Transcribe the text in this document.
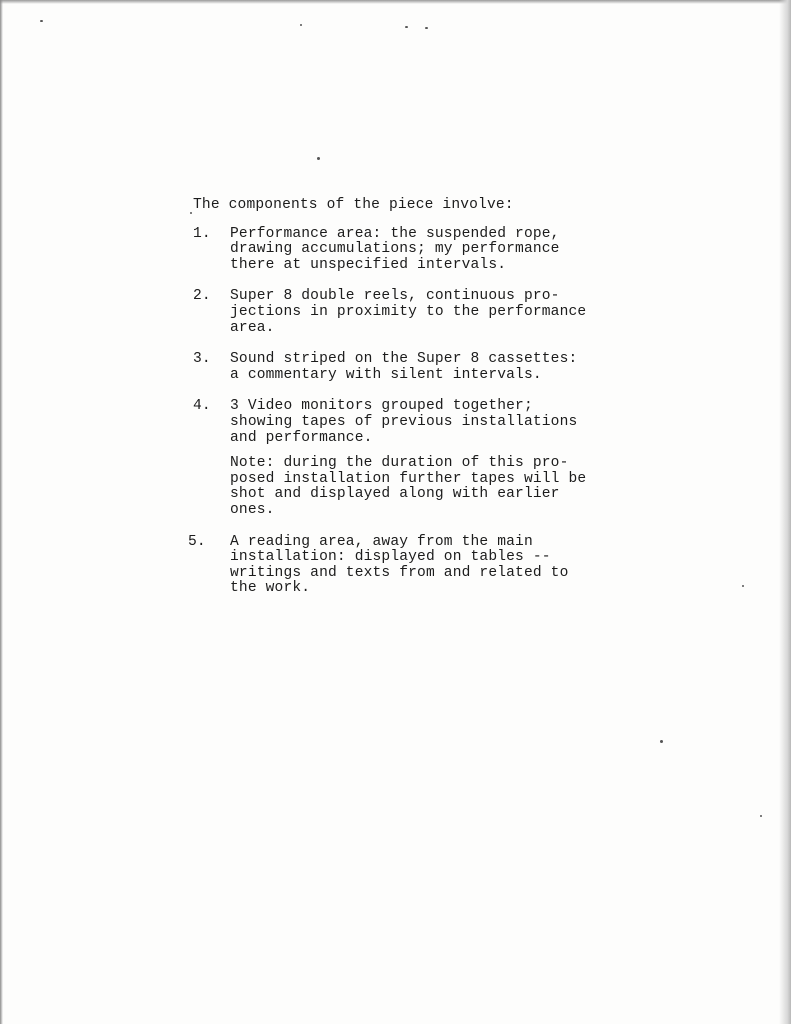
The components of the piece involve:
1.	Performance area: the suspended rope,
drawing accumulations; my performance
there at unspecified intervals.
2.	Super 8 double reels, continuous pro-
jections in proximity to the performance
area.
3.	Sound striped on the Super 8 cassettes:
a commentary with silent intervals.
4.	3 Video monitors grouped together;
showing tapes of previous installations
and performance.
Note: during the duration of this pro-
posed installation further tapes will be
shot and displayed along with earlier
ones.
5.	A reading area, away from the main
installation: displayed on tables --
writings and texts from and related to
the work.
